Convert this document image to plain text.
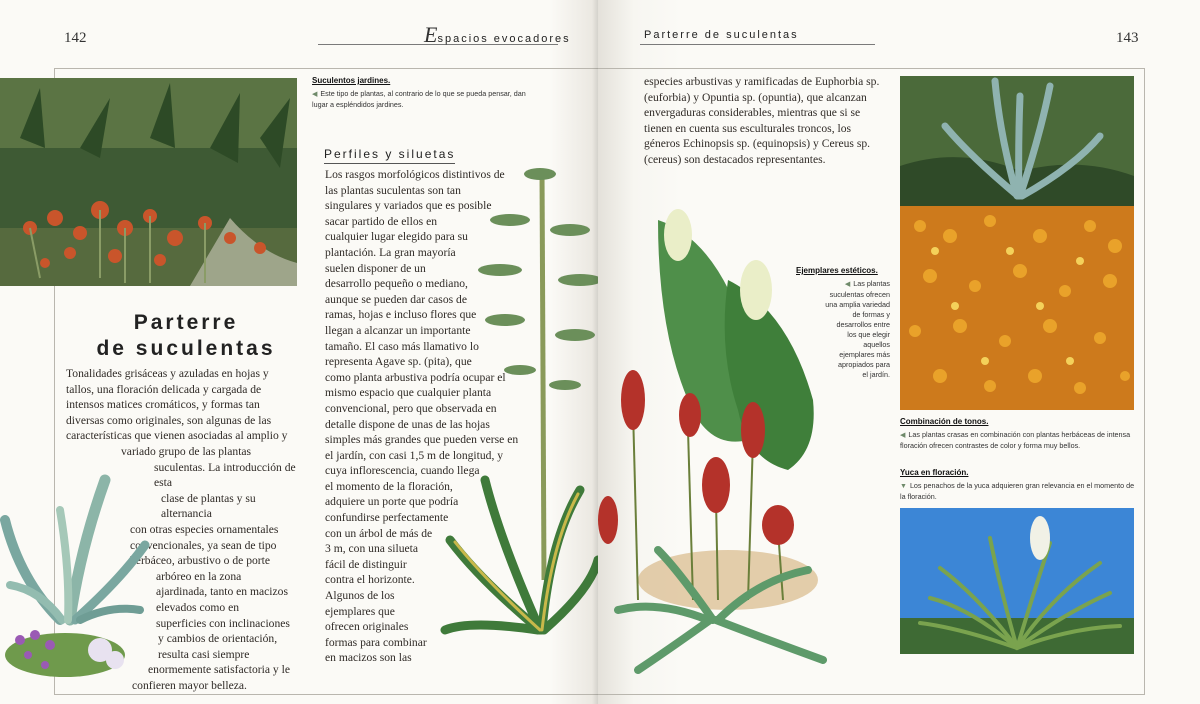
142	Espacios evocadores
Suculentos jardines.
◀ Este tipo de plantas, al contrario de lo que se pueda pensar, dan
lugar a espléndidos jardines.
Parterre
de suculentas
Tonalidades grisáceas y azuladas en hojas y
tallos, una floración delicada y cargada de
intensos matices cromáticos, y formas tan
diversas como originales, son algunas de las
características que vienen asociadas al amplio y
variado grupo de las plantas
suculentas. La introducción de esta
clase de plantas y su alternancia
con otras especies ornamentales
convencionales, ya sean de tipo
herbáceo, arbustivo o de porte
arbóreo en la zona
ajardinada, tanto en macizos
elevados como en
superficies con inclinaciones
y cambios de orientación,
resulta casi siempre
enormemente satisfactoria y le
confieren mayor belleza.
Perfiles y siluetas
Los rasgos morfológicos distintivos de
las plantas suculentas son tan
singulares y variados que es posible
sacar partido de ellos en
cualquier lugar elegido para su
plantación. La gran mayoría
suelen disponer de un
desarrollo pequeño o mediano,
aunque se pueden dar casos de
ramas, hojas e incluso flores que
llegan a alcanzar un importante
tamaño. El caso más llamativo lo
representa Agave sp. (pita), que
como planta arbustiva podría ocupar el
mismo espacio que cualquier planta
convencional, pero que observada en
detalle dispone de unas de las hojas
simples más grandes que pueden verse en
el jardín, con casi 1,5 m de longitud, y
cuya inflorescencia, cuando llega
el momento de la floración,
adquiere un porte que podría
confundirse perfectamente
con un árbol de más de
3 m, con una silueta
fácil de distinguir
contra el horizonte.
Algunos de los
ejemplares que
ofrecen originales
formas para combinar
en macizos son las
Parterre de suculentas	143
especies arbustivas y ramificadas de Euphorbia sp.
(euforbia) y Opuntia sp. (opuntia), que alcanzan
envergaduras considerables, mientras que si se
tienen en cuenta sus esculturales troncos, los
géneros Echinopsis sp. (equinopsis) y Cereus sp.
(cereus) son destacados representantes.
Ejemplares estéticos.
◀ Las plantas
suculentas ofrecen
una amplia variedad
de formas y
desarrollos entre
los que elegir
aquellos
ejemplares más
apropiados para
el jardín.
Combinación de tonos.
◀ Las plantas crasas en combinación con plantas herbáceas de intensa
floración ofrecen contrastes de color y forma muy bellos.
Yuca en floración.
▼ Los penachos de la yuca adquieren gran relevancia en el momento de
la floración.
